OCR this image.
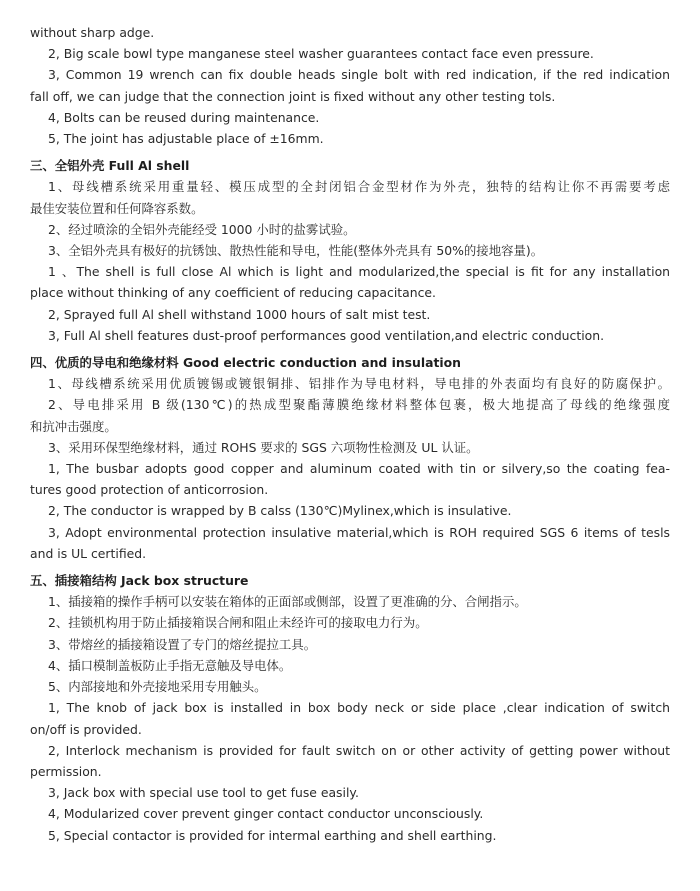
without sharp adge.
2, Big scale bowl type manganese steel washer guarantees contact face even pressure.
3, Common 19 wrench can fix double heads single bolt with red indication, if the red indication
fall off, we can judge that the connection joint is fixed without any other testing tols.
4, Bolts can be reused during maintenance.
5, The joint has adjustable place of ±16mm.
三、全铝外壳 Full Al shell
1、母线槽系统采用重量轻、模压成型的全封闭铝合金型材作为外壳，独特的结构让你不再需要考虑
最佳安装位置和任何降容系数。
2、经过喷涂的全铝外壳能经受 1000 小时的盐雾试验。
3、全铝外壳具有极好的抗锈蚀、散热性能和导电，性能(整体外壳具有 50%的接地容量)。
1 、The shell is full close Al which is light and modularized,the special is fit for any installation
place without thinking of any coefficient of reducing capacitance.
2, Sprayed full Al shell withstand 1000 hours of salt mist test.
3, Full Al shell features dust-proof performances good ventilation,and electric conduction.
四、优质的导电和绝缘材料 Good electric conduction and insulation
1、母线槽系统采用优质镀锡或镀银铜排、铝排作为导电材料，导电排的外表面均有良好的防腐保护。
2、导电排采用 B 级(130℃)的热成型聚酯薄膜绝缘材料整体包裹，极大地提高了母线的绝缘强度
和抗冲击强度。
3、采用环保型绝缘材料，通过 ROHS 要求的 SGS 六项物性检测及 UL 认证。
1, The busbar adopts good copper and aluminum coated with tin or silvery,so the coating fea-
tures good protection of anticorrosion.
2, The conductor is wrapped by B calss (130℃)Mylinex,which is insulative.
3, Adopt environmental protection insulative material,which is ROH required SGS 6 items of tesls
and is UL certified.
五、插接箱结构 Jack box structure
1、插接箱的操作手柄可以安装在箱体的正面部或侧部，设置了更准确的分、合闸指示。
2、挂锁机构用于防止插接箱误合闸和阻止未经许可的接取电力行为。
3、带熔丝的插接箱设置了专门的熔丝提拉工具。
4、插口模制盖板防止手指无意触及导电体。
5、内部接地和外壳接地采用专用触头。
1, The knob of jack box is installed in box body neck or side place ,clear indication of switch
on/off is provided.
2, Interlock mechanism is provided for fault switch on or other activity of getting power without
permission.
3, Jack box with special use tool to get fuse easily.
4, Modularized cover prevent ginger contact conductor unconsciously.
5, Special contactor is provided for intermal earthing and shell earthing.
